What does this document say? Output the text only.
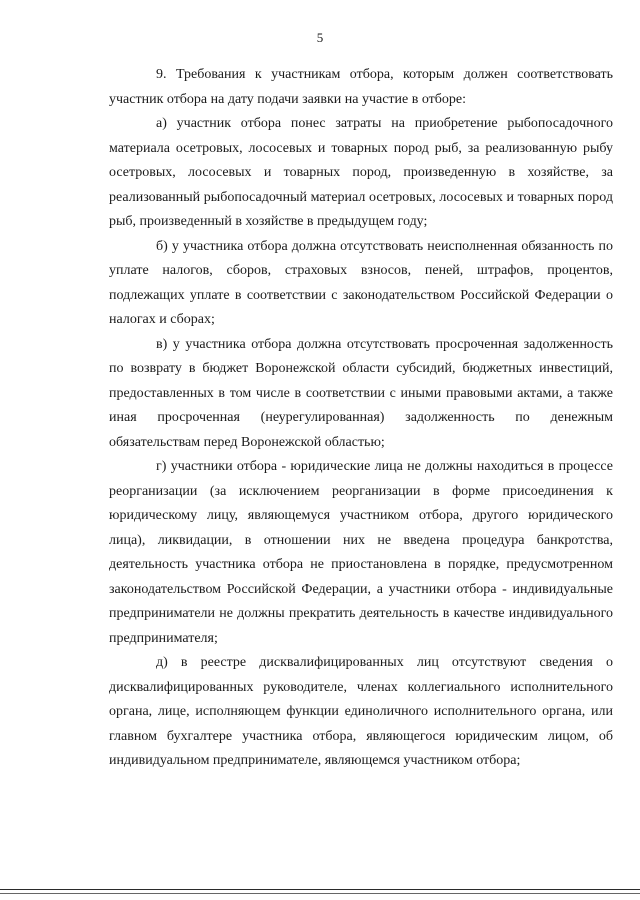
5

9. Требования к участникам отбора, которым должен соответствовать участник отбора на дату подачи заявки на участие в отборе:

а) участник отбора понес затраты на приобретение рыбопосадочного материала осетровых, лососевых и товарных пород рыб, за реализованную рыбу осетровых, лососевых и товарных пород, произведенную в хозяйстве, за реализованный рыбопосадочный материал осетровых, лососевых и товарных пород рыб, произведенный в хозяйстве в предыдущем году;

б) у участника отбора должна отсутствовать неисполненная обязанность по уплате налогов, сборов, страховых взносов, пеней, штрафов, процентов, подлежащих уплате в соответствии с законодательством Российской Федерации о налогах и сборах;

в) у участника отбора должна отсутствовать просроченная задолженность по возврату в бюджет Воронежской области субсидий, бюджетных инвестиций, предоставленных в том числе в соответствии с иными правовыми актами, а также иная просроченная (неурегулированная) задолженность по денежным обязательствам перед Воронежской областью;

г) участники отбора - юридические лица не должны находиться в процессе реорганизации (за исключением реорганизации в форме присоединения к юридическому лицу, являющемуся участником отбора, другого юридического лица), ликвидации, в отношении них не введена процедура банкротства, деятельность участника отбора не приостановлена в порядке, предусмотренном законодательством Российской Федерации, а участники отбора - индивидуальные предприниматели не должны прекратить деятельность в качестве индивидуального предпринимателя;

д) в реестре дисквалифицированных лиц отсутствуют сведения о дисквалифицированных руководителе, членах коллегиального исполнительного органа, лице, исполняющем функции единоличного исполнительного органа, или главном бухгалтере участника отбора, являющегося юридическим лицом, об индивидуальном предпринимателе, являющемся участником отбора;
